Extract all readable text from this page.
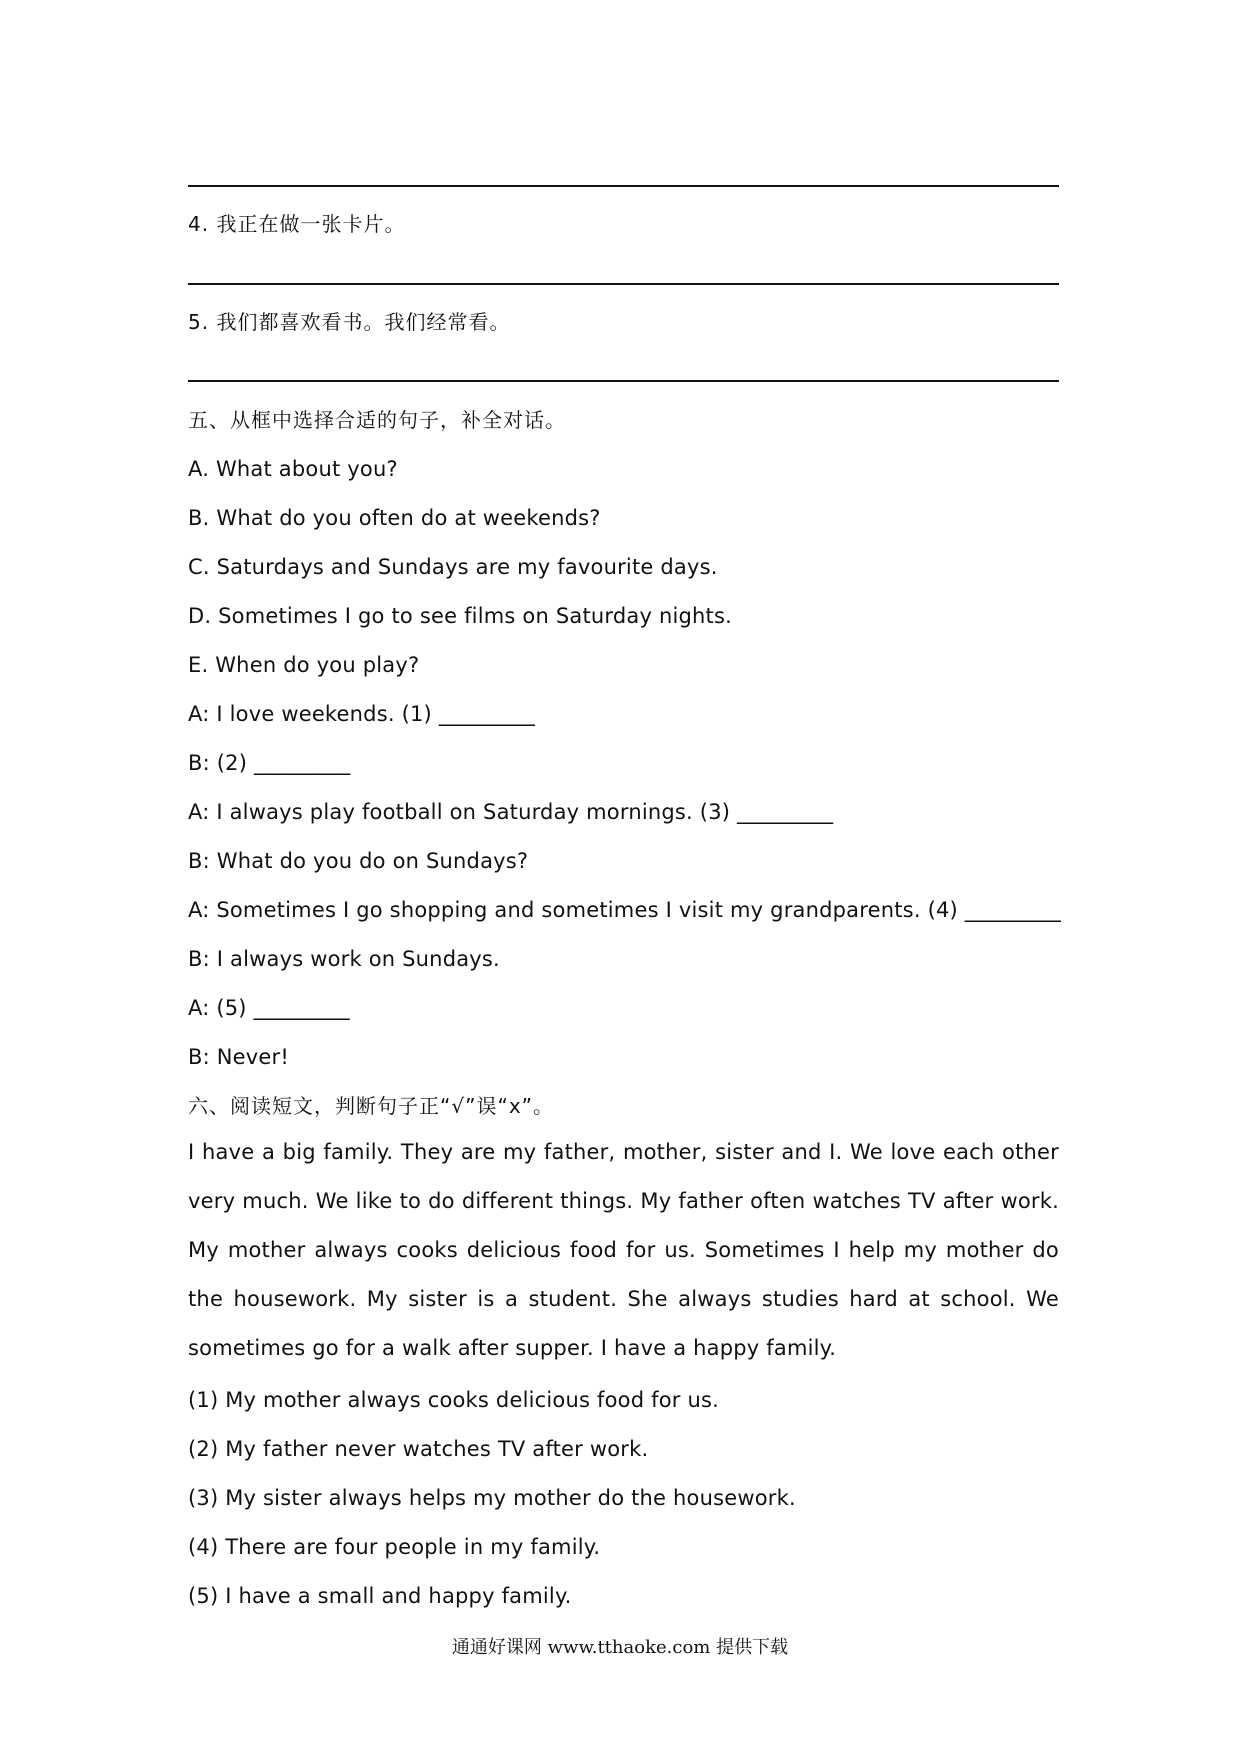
4. 我正在做一张卡片。
5. 我们都喜欢看书。我们经常看。
五、从框中选择合适的句子，补全对话。
A. What about you?
B. What do you often do at weekends?
C. Saturdays and Sundays are my favourite days.
D. Sometimes I go to see films on Saturday nights.
E. When do you play?
A: I love weekends. (1) _________
B: (2) _________
A: I always play football on Saturday mornings. (3) _________
B: What do you do on Sundays?
A: Sometimes I go shopping and sometimes I visit my grandparents. (4) _________
B: I always work on Sundays.
A: (5) _________
B: Never!
六、阅读短文，判断句子正“√”误“x”。
I have a big family. They are my father, mother, sister and I. We love each other very much. We like to do different things. My father often watches TV after work. My mother always cooks delicious food for us. Sometimes I help my mother do the housework. My sister is a student. She always studies hard at school. We sometimes go for a walk after supper. I have a happy family.
(1) My mother always cooks delicious food for us.
(2) My father never watches TV after work.
(3) My sister always helps my mother do the housework.
(4) There are four people in my family.
(5) I have a small and happy family.
通通好课网 www.tthaoke.com 提供下载
